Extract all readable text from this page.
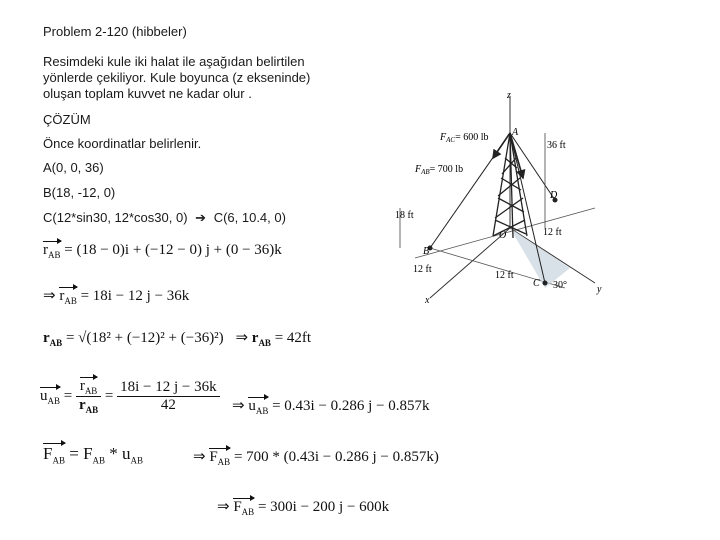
Problem 2-120 (hibbeler)
Resimdeki kule iki halat ile aşağıdan belirtilen
yönlerde çekiliyor. Kule boyunca (z ekseninde)
oluşan toplam kuvvet ne kadar olur .
ÇÖZÜM
Önce koordinatlar belirlenir.
A(0, 0, 36)
B(18, -12, 0)
C(12*sin30, 12*cos30, 0) ➔ C(6, 10.4, 0)
$r_{AB} = (18 - 0)i + (-12 - 0) j + (0 - 36)k$
⇒ $r_{AB} = 18i - 12$ j − 36k
$r_{AB} = √(18^2 + (-12)^2 + (-36)^2)$ ⇒ $r_{AB} = 42ft$
$u_{AB} = \frac{r_{AB}}{r_{AB}} = \frac{18i - 12 j - 36k}{42}$ ⇒ $u_{AB} = 0.43i - 0.286$ j − 0.857k
$F_{AB} = F_{AB} * u_{AB}$	⇒ $F_{AB} = 700 * (0.43i - 0.286$ j − 0.857k)
⇒ $F_{AB} = 300i - 200$ j − 600k
z
A
$F_{AC}= 600$ lb
$F_{AB}= 700$ lb
36 ft
18 ft
12 ft
12 ft
12 ft
B
C
D
O
30°
x
y
